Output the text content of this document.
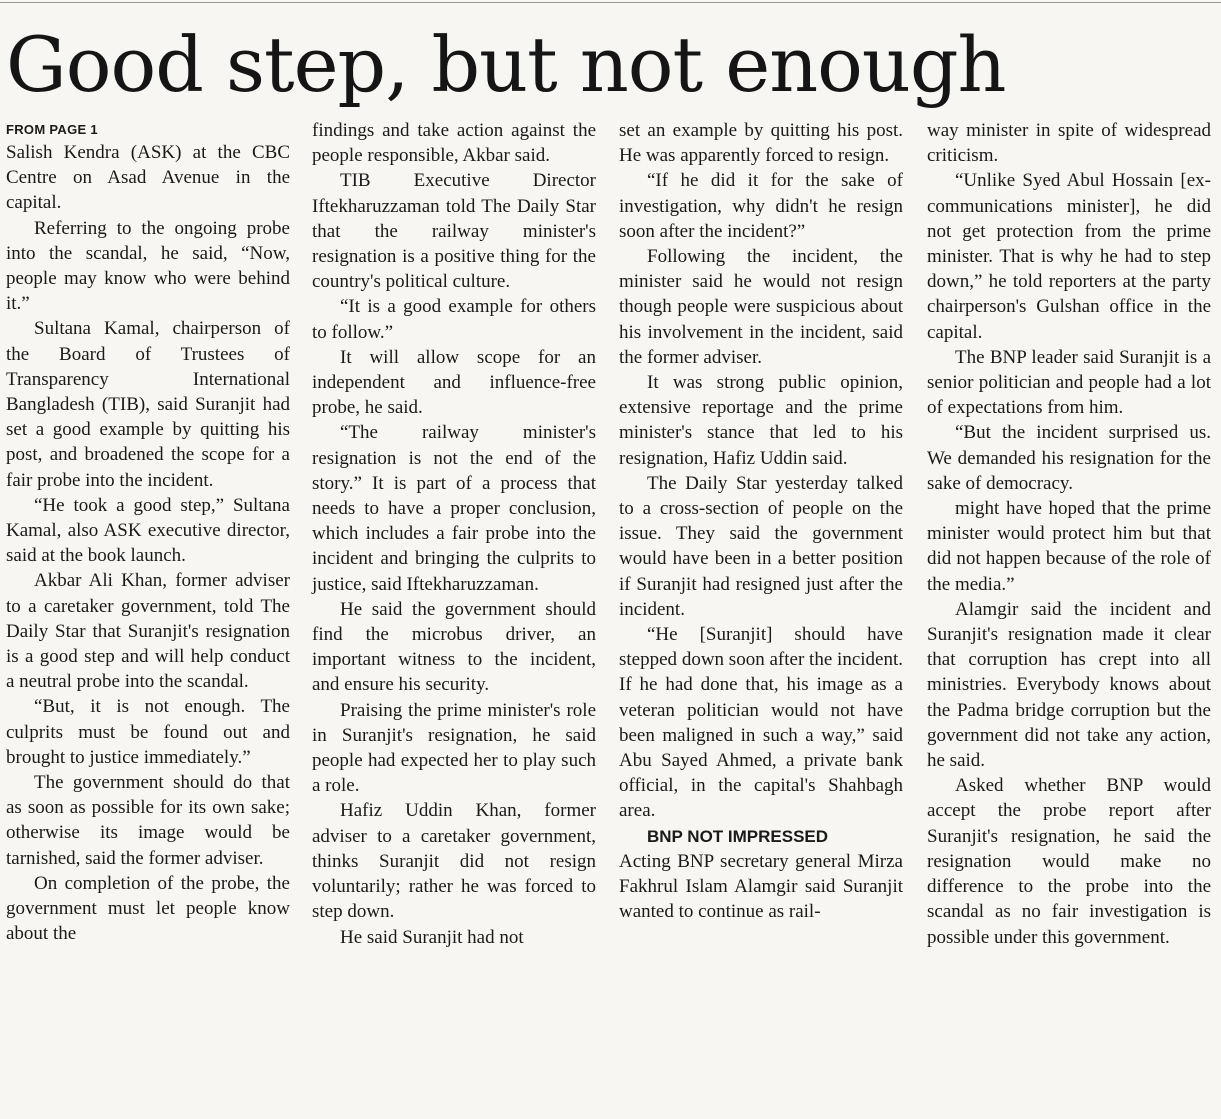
Good step, but not enough
FROM PAGE 1

Salish Kendra (ASK) at the CBC Centre on Asad Avenue in the capital.

Referring to the ongoing probe into the scandal, he said, “Now, people may know who were behind it.”

Sultana Kamal, chairperson of the Board of Trustees of Transparency International Bangladesh (TIB), said Suranjit had set a good example by quitting his post, and broadened the scope for a fair probe into the incident.

“He took a good step,” Sultana Kamal, also ASK executive director, said at the book launch.

Akbar Ali Khan, former adviser to a caretaker government, told The Daily Star that Suranjit's resignation is a good step and will help conduct a neutral probe into the scandal.

“But, it is not enough. The culprits must be found out and brought to justice immediately.”

The government should do that as soon as possible for its own sake; otherwise its image would be tarnished, said the former adviser.

On completion of the probe, the government must let people know about the

findings and take action against the people responsible, Akbar said.

TIB Executive Director Iftekharuzzaman told The Daily Star that the railway minister's resignation is a positive thing for the country's political culture.

“It is a good example for others to follow.”

It will allow scope for an independent and influence-free probe, he said.

“The railway minister's resignation is not the end of the story.” It is part of a process that needs to have a proper conclusion, which includes a fair probe into the incident and bringing the culprits to justice, said Iftekharuzzaman.

He said the government should find the microbus driver, an important witness to the incident, and ensure his security.

Praising the prime minister's role in Suranjit's resignation, he said people had expected her to play such a role.

Hafiz Uddin Khan, former adviser to a caretaker government, thinks Suranjit did not resign voluntarily; rather he was forced to step down.

He said Suranjit had not

set an example by quitting his post. He was apparently forced to resign.

“If he did it for the sake of investigation, why didn't he resign soon after the incident?”

Following the incident, the minister said he would not resign though people were suspicious about his involvement in the incident, said the former adviser.

It was strong public opinion, extensive reportage and the prime minister's stance that led to his resignation, Hafiz Uddin said.

The Daily Star yesterday talked to a cross-section of people on the issue. They said the government would have been in a better position if Suranjit had resigned just after the incident.

“He [Suranjit] should have stepped down soon after the incident. If he had done that, his image as a veteran politician would not have been maligned in such a way,” said Abu Sayed Ahmed, a private bank official, in the capital's Shahbagh area.

BNP NOT IMPRESSED

Acting BNP secretary general Mirza Fakhrul Islam Alamgir said Suranjit wanted to continue as rail-

way minister in spite of widespread criticism.

“Unlike Syed Abul Hossain [ex-communications minister], he did not get protection from the prime minister. That is why he had to step down,” he told reporters at the party chairperson's Gulshan office in the capital.

The BNP leader said Suranjit is a senior politician and people had a lot of expectations from him.

“But the incident surprised us. We demanded his resignation for the sake of democracy.

might have hoped that the prime minister would protect him but that did not happen because of the role of the media.”

Alamgir said the incident and Suranjit's resignation made it clear that corruption has crept into all ministries. Everybody knows about the Padma bridge corruption but the government did not take any action, he said.

Asked whether BNP would accept the probe report after Suranjit's resignation, he said the resignation would make no difference to the probe into the scandal as no fair investigation is possible under this government.
